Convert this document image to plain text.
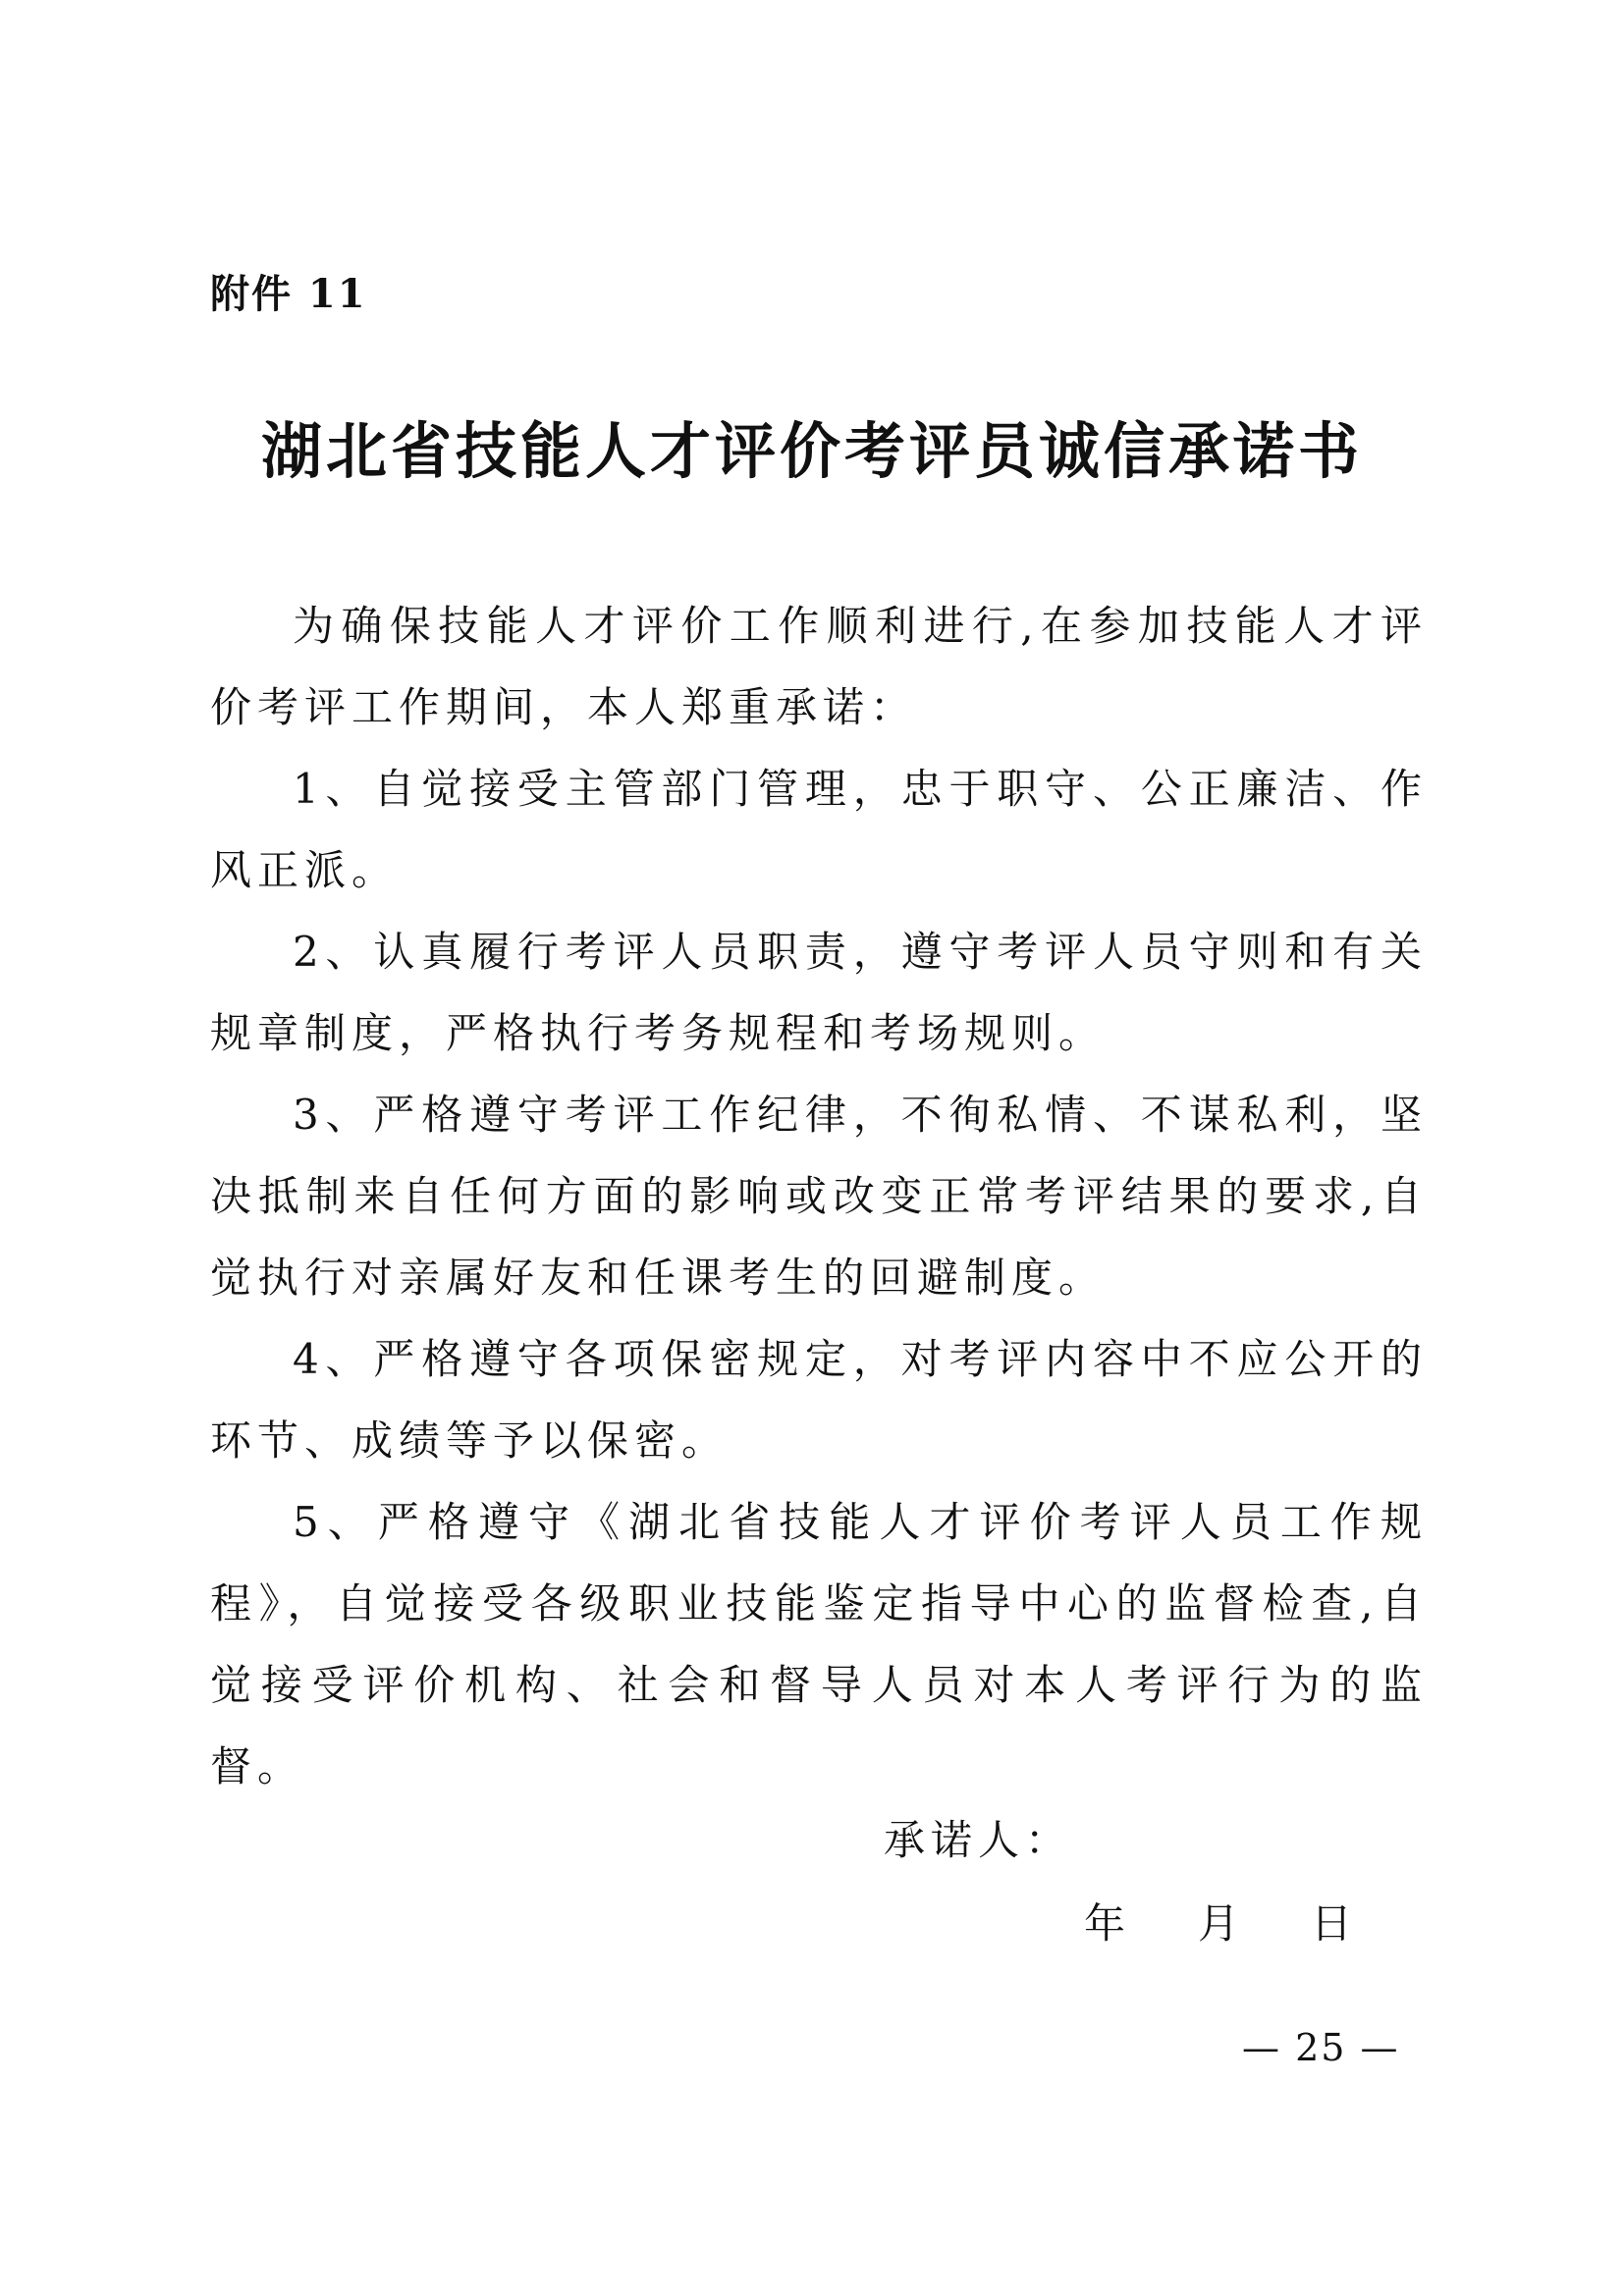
附件 11
湖北省技能人才评价考评员诚信承诺书

为确保技能人才评价工作顺利进行,在参加技能人才评价考评工作期间，本人郑重承诺：

1、自觉接受主管部门管理，忠于职守、公正廉洁、作风正派。

2、认真履行考评人员职责，遵守考评人员守则和有关规章制度，严格执行考务规程和考场规则。

3、严格遵守考评工作纪律，不徇私情、不谋私利，坚决抵制来自任何方面的影响或改变正常考评结果的要求,自觉执行对亲属好友和任课考生的回避制度。

4、严格遵守各项保密规定，对考评内容中不应公开的环节、成绩等予以保密。

5、严格遵守《湖北省技能人才评价考评人员工作规程》，自觉接受各级职业技能鉴定指导中心的监督检查,自觉接受评价机构、社会和督导人员对本人考评行为的监督。

承诺人：
年 月 日
— 25 —
